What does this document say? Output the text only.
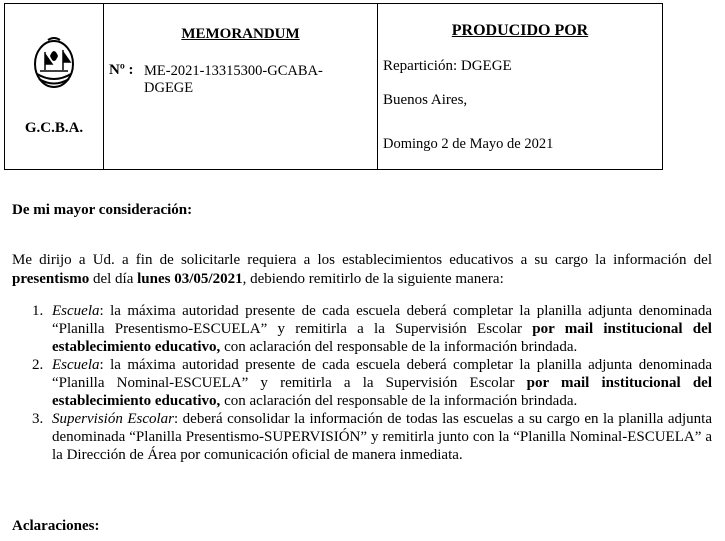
G.C.B.A.

MEMORANDUM
Nº : ME-2021-13315300-GCABA-DGEGE

PRODUCIDO POR
Repartición: DGEGE
Buenos Aires,
Domingo 2 de Mayo de 2021
De mi mayor consideración:
Me dirijo a Ud. a fin de solicitarle requiera a los establecimientos educativos a su cargo la información del presentismo del día lunes 03/05/2021, debiendo remitirlo de la siguiente manera:
1. Escuela: la máxima autoridad presente de cada escuela deberá completar la planilla adjunta denominada “Planilla Presentismo-ESCUELA” y remitirla a la Supervisión Escolar por mail institucional del establecimiento educativo, con aclaración del responsable de la información brindada.
2. Escuela: la máxima autoridad presente de cada escuela deberá completar la planilla adjunta denominada “Planilla Nominal-ESCUELA” y remitirla a la Supervisión Escolar por mail institucional del establecimiento educativo, con aclaración del responsable de la información brindada.
3. Supervisión Escolar: deberá consolidar la información de todas las escuelas a su cargo en la planilla adjunta denominada “Planilla Presentismo-SUPERVISIÓN” y remitirla junto con la “Planilla Nominal-ESCUELA” a la Dirección de Área por comunicación oficial de manera inmediata.
Aclaraciones:
